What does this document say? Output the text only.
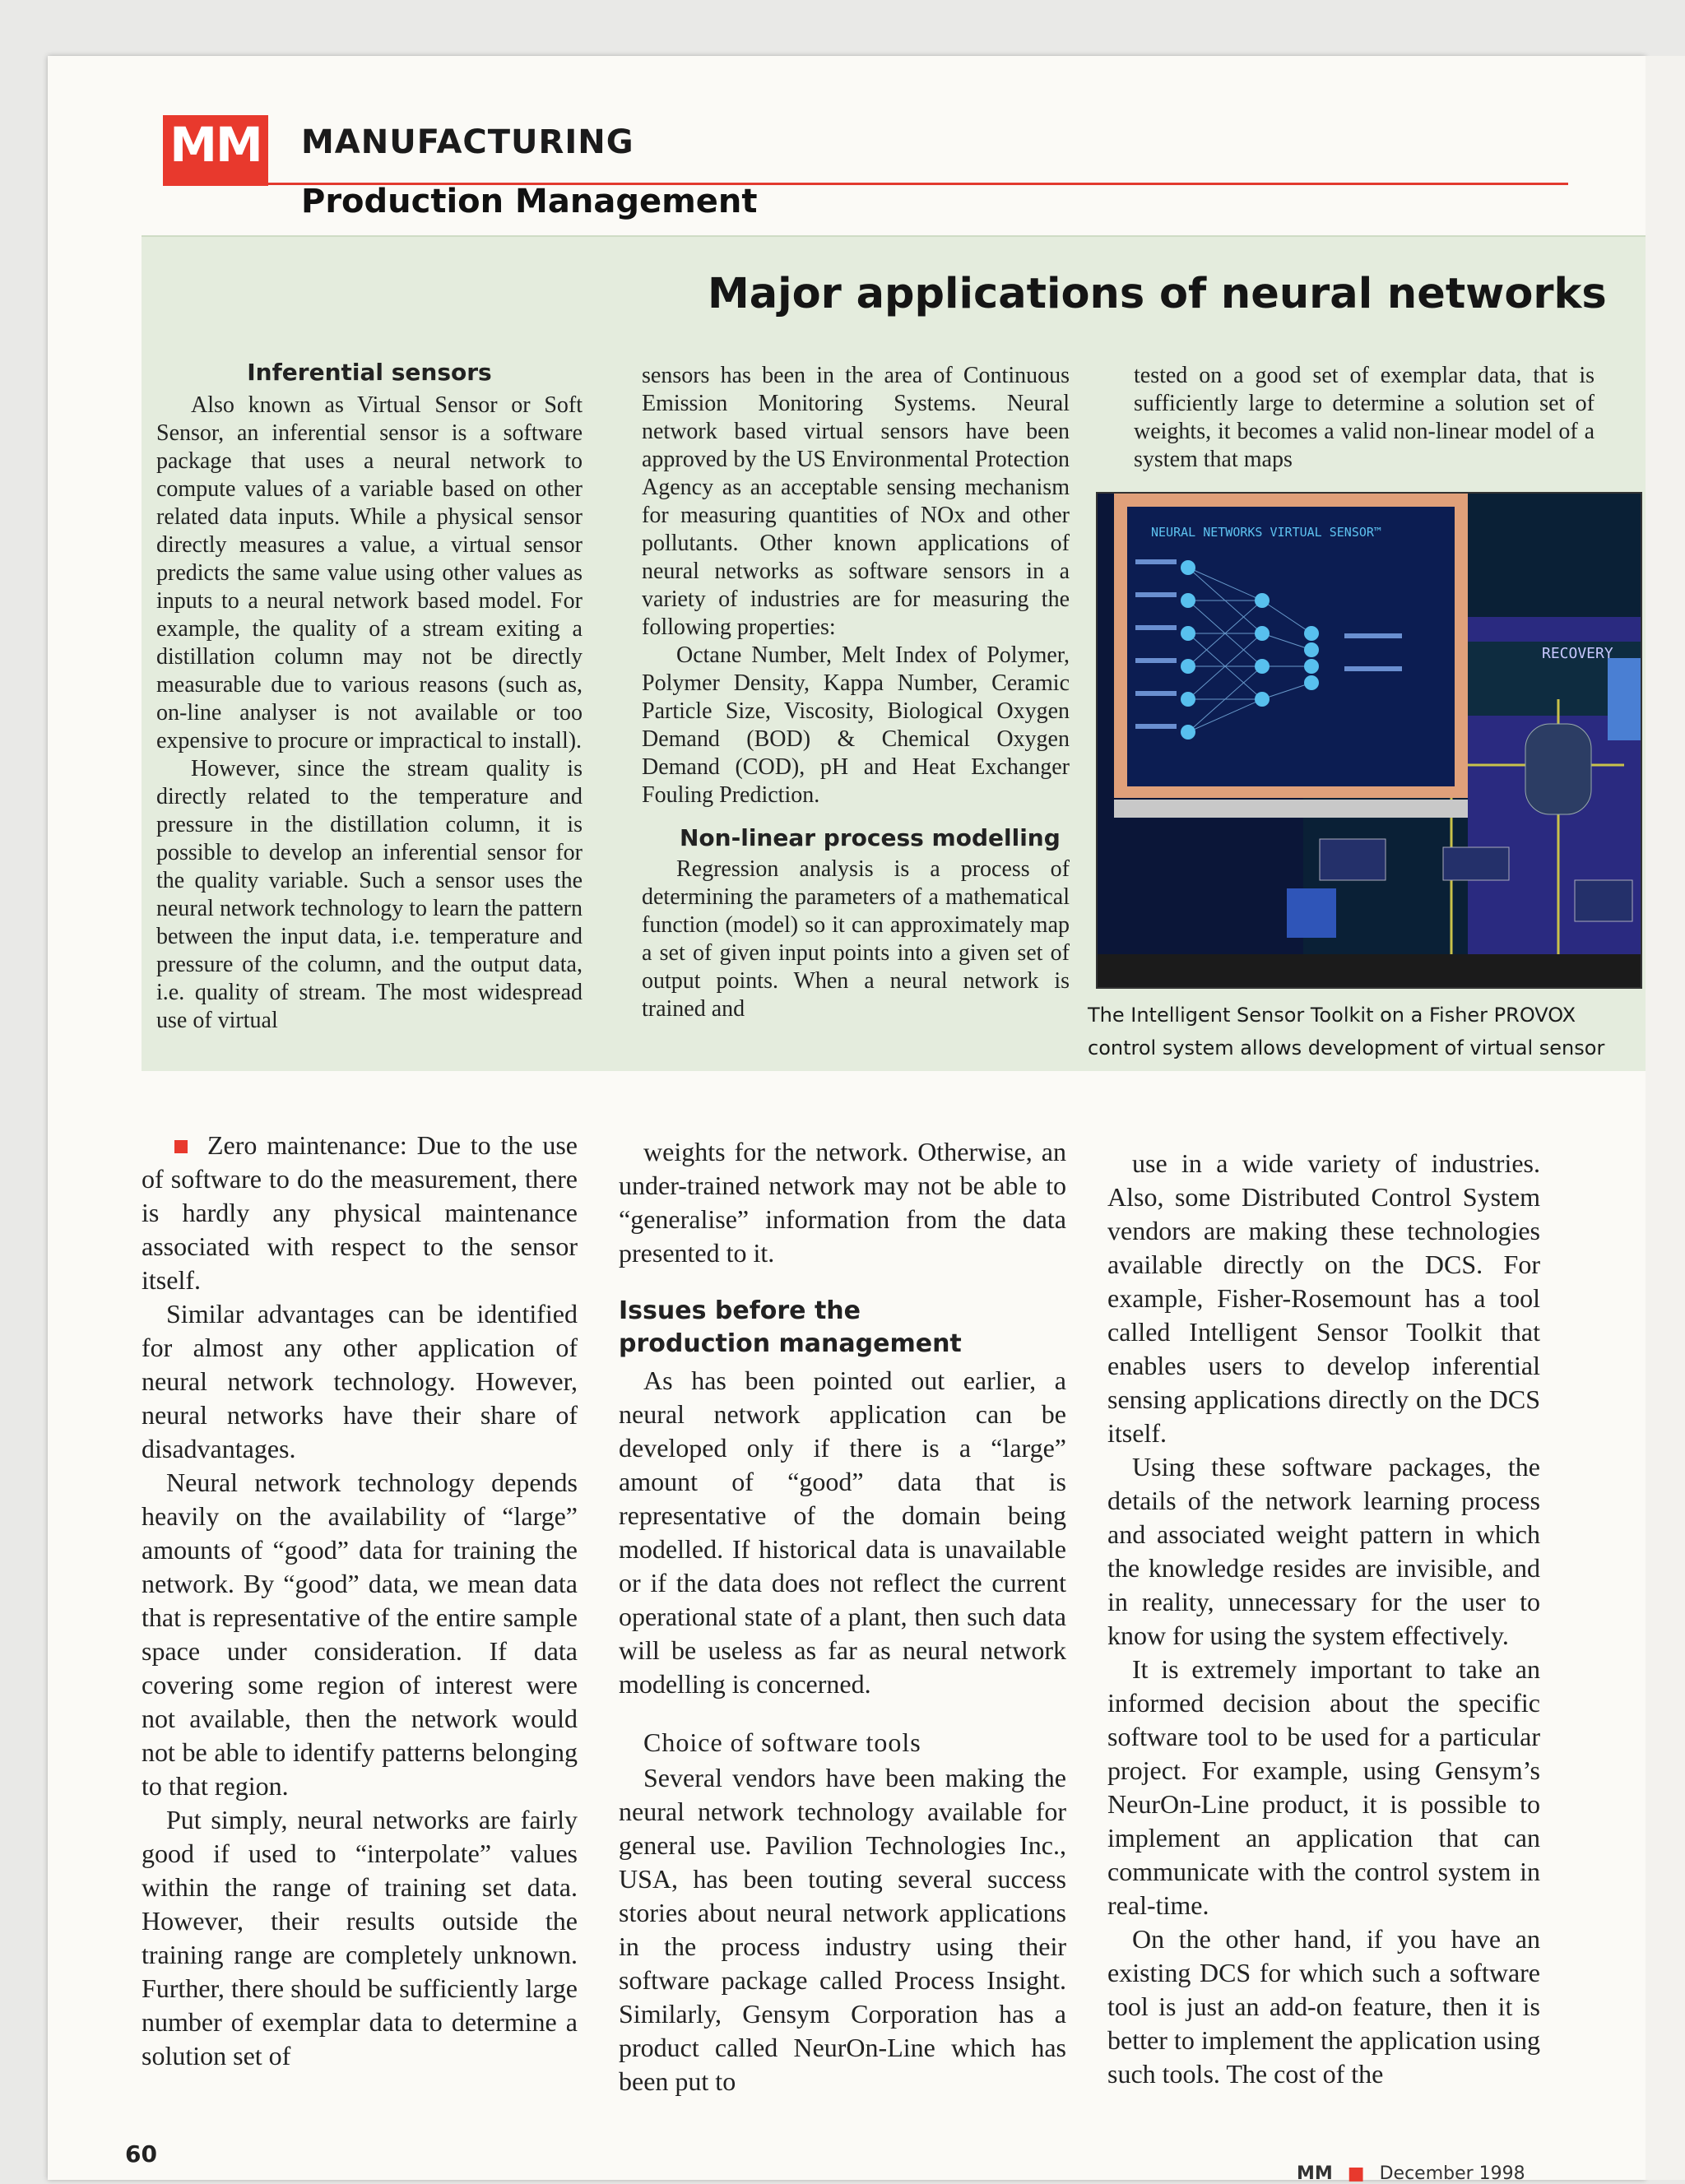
MM MANUFACTURING
Production Management
Major applications of neural networks
Inferential sensors

Also known as Virtual Sensor or Soft Sensor, an inferential sensor is a software package that uses a neural network to compute values of a variable based on other related data inputs. While a physical sensor directly measures a value, a virtual sensor predicts the same value using other values as inputs to a neural network based model. For example, the quality of a stream exiting a distillation column may not be directly measurable due to various reasons (such as, on-line analyser is not available or too expensive to procure or impractical to install).

However, since the stream quality is directly related to the temperature and pressure in the distillation column, it is possible to develop an inferential sensor for the quality variable. Such a sensor uses the neural network technology to learn the pattern between the input data, i.e. temperature and pressure of the column, and the output data, i.e. quality of stream. The most widespread use of virtual

sensors has been in the area of Continuous Emission Monitoring Systems. Neural network based virtual sensors have been approved by the US Environmental Protection Agency as an acceptable sensing mechanism for measuring quantities of NOx and other pollutants. Other known applications of neural networks as software sensors in a variety of industries are for measuring the following properties:

Octane Number, Melt Index of Polymer, Polymer Density, Kappa Number, Ceramic Particle Size, Viscosity, Biological Oxygen Demand (BOD) & Chemical Oxygen Demand (COD), pH and Heat Exchanger Fouling Prediction.

Non-linear process modelling

Regression analysis is a process of determining the parameters of a mathematical function (model) so it can approximately map a set of given input points into a given set of output points. When a neural network is trained and

tested on a good set of exemplar data, that is sufficiently large to determine a solution set of weights, it becomes a valid non-linear model of a system that maps

NEURAL NETWORKS VIRTUAL SENSOR™
RECOVERY
The Intelligent Sensor Toolkit on a Fisher PROVOX
control system allows development of virtual sensor

Zero maintenance: Due to the use of software to do the measurement, there is hardly any physical maintenance associated with respect to the sensor itself.

Similar advantages can be identified for almost any other application of neural network technology. However, neural networks have their share of disadvantages.

Neural network technology depends heavily on the availability of “large” amounts of “good” data for training the network. By “good” data, we mean data that is representative of the entire sample space under consideration. If data covering some region of interest were not available, then the network would not be able to identify patterns belonging to that region.

Put simply, neural networks are fairly good if used to “interpolate” values within the range of training set data. However, their results outside the training range are completely unknown. Further, there should be sufficiently large number of exemplar data to determine a solution set of

weights for the network. Otherwise, an under-trained network may not be able to “generalise” information from the data presented to it.

Issues before the production management

As has been pointed out earlier, a neural network application can be developed only if there is a “large” amount of “good” data that is representative of the domain being modelled. If historical data is unavailable or if the data does not reflect the current operational state of a plant, then such data will be useless as far as neural network modelling is concerned.

Choice of software tools

Several vendors have been making the neural network technology available for general use. Pavilion Technologies Inc., USA, has been touting several success stories about neural network applications in the process industry using their software package called Process Insight. Similarly, Gensym Corporation has a product called NeurOn-Line which has been put to

use in a wide variety of industries. Also, some Distributed Control System vendors are making these technologies available directly on the DCS. For example, Fisher-Rosemount has a tool called Intelligent Sensor Toolkit that enables users to develop inferential sensing applications directly on the DCS itself.

Using these software packages, the details of the network learning process and associated weight pattern in which the knowledge resides are invisible, and in reality, unnecessary for the user to know for using the system effectively.

It is extremely important to take an informed decision about the specific software tool to be used for a particular project. For example, using Gensym’s NeurOn-Line product, it is possible to implement an application that can communicate with the control system in real-time.

On the other hand, if you have an existing DCS for which such a software tool is just an add-on feature, then it is better to implement the application using such tools. The cost of the

60
MM ■ December 1998
